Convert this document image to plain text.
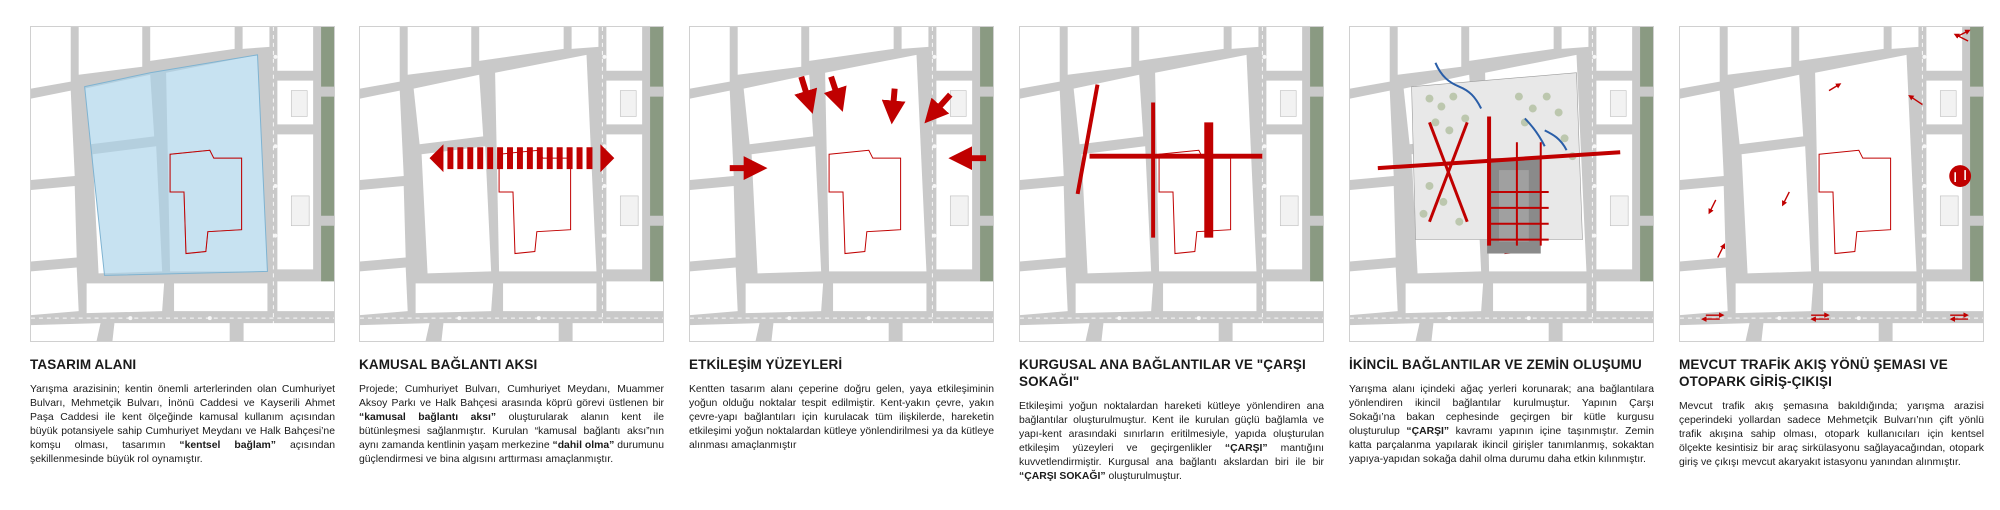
TASARIM ALANI
Yarışma arazisinin; kentin önemli arterlerinden olan Cumhuriyet Bulvarı, Mehmetçik Bulvarı, İnönü Caddesi ve Kayserili Ahmet Paşa Caddesi ile kent ölçeğinde kamusal kullanım açısından büyük potansiyele sahip Cumhuriyet Meydanı ve Halk Bahçesi’ne komşu olması, tasarımın “kentsel bağlam” açısından şekillenmesinde büyük rol oynamıştır.
KAMUSAL BAĞLANTI AKSI
Projede; Cumhuriyet Bulvarı, Cumhuriyet Meydanı, Muammer Aksoy Parkı ve Halk Bahçesi arasında köprü görevi üstlenen bir “kamusal bağlantı aksı” oluşturularak alanın kent ile bütünleşmesi sağlanmıştır. Kurulan “kamusal bağlantı aksı”nın aynı zamanda kentlinin yaşam merkezine “dahil olma” durumunu güçlendirmesi ve bina algısını arttırması amaçlanmıştır.
ETKİLEŞİM YÜZEYLERİ
Kentten tasarım alanı çeperine doğru gelen, yaya etkileşiminin yoğun olduğu noktalar tespit edilmiştir. Kent-yakın çevre, yakın çevre-yapı bağlantıları için kurulacak tüm ilişkilerde, hareketin etkileşimi yoğun noktalardan kütleye yönlendirilmesi ya da kütleye alınması amaçlanmıştır
KURGUSAL ANA BAĞLANTILAR VE "ÇARŞI SOKAĞI"
Etkileşimi yoğun noktalardan hareketi kütleye yönlendiren ana bağlantılar oluşturulmuştur. Kent ile kurulan güçlü bağlamla ve yapı-kent arasındaki sınırların eritilmesiyle, yapıda oluşturulan etkileşim yüzeyleri ve geçirgenlikler “ÇARŞI” mantığını kuvvetlendirmiştir. Kurgusal ana bağlantı akslardan biri ile bir “ÇARŞI SOKAĞI” oluşturulmuştur.
İKİNCİL BAĞLANTILAR VE ZEMİN OLUŞUMU
Yarışma alanı içindeki ağaç yerleri korunarak; ana bağlantılara yönlendiren ikincil bağlantılar kurulmuştur. Yapının Çarşı Sokağı’na bakan cephesinde geçirgen bir kütle kurgusu oluşturulup “ÇARŞI” kavramı yapının içine taşınmıştır. Zemin katta parçalanma yapılarak ikincil girişler tanımlanmış, sokaktan yapıya-yapıdan sokağa dahil olma durumu daha etkin kılınmıştır.
MEVCUT TRAFİK AKIŞ YÖNÜ ŞEMASI VE OTOPARK GİRİŞ-ÇIKIŞI
Mevcut trafik akış şemasına bakıldığında; yarışma arazisi çeperindeki yollardan sadece Mehmetçik Bulvarı’nın çift yönlü trafik akışına sahip olması, otopark kullanıcıları için kentsel ölçekte kesintisiz bir araç sirkülasyonu sağlayacağından, otopark giriş ve çıkışı mevcut akaryakıt istasyonu yanından alınmıştır.
